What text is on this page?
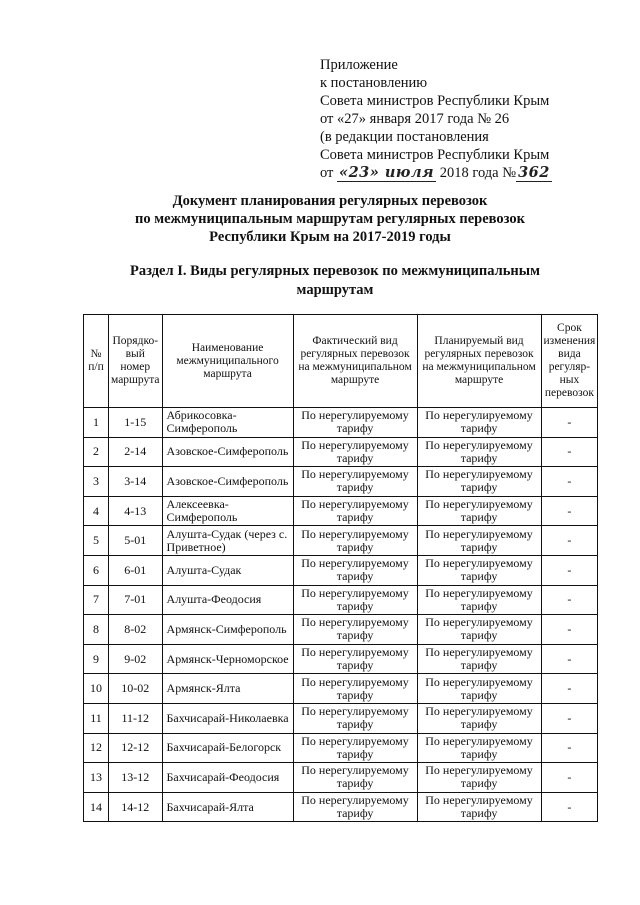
Приложение
к постановлению
Совета министров Республики Крым
от «27» января 2017 года № 26
(в редакции постановления
Совета министров Республики Крым
от «23» июля 2018 года № 362
Документ планирования регулярных перевозок
по межмуниципальным маршрутам регулярных перевозок
Республики Крым на 2017-2019 годы
Раздел I. Виды регулярных перевозок по межмуниципальным
маршрутам
№ п/п	Порядко-вый номер маршрута	Наименование межмуниципального маршрута	Фактический вид регулярных перевозок на межмуниципальном маршруте	Планируемый вид регулярных перевозок на межмуниципальном маршруте	Срок изменения вида регуляр-ных перевозок
1	1-15	Абрикосовка-Симферополь	По нерегулируемому тарифу	По нерегулируемому тарифу	-
2	2-14	Азовское-Симферополь	По нерегулируемому тарифу	По нерегулируемому тарифу	-
3	3-14	Азовское-Симферополь	По нерегулируемому тарифу	По нерегулируемому тарифу	-
4	4-13	Алексеевка-Симферополь	По нерегулируемому тарифу	По нерегулируемому тарифу	-
5	5-01	Алушта-Судак (через с. Приветное)	По нерегулируемому тарифу	По нерегулируемому тарифу	-
6	6-01	Алушта-Судак	По нерегулируемому тарифу	По нерегулируемому тарифу	-
7	7-01	Алушта-Феодосия	По нерегулируемому тарифу	По нерегулируемому тарифу	-
8	8-02	Армянск-Симферополь	По нерегулируемому тарифу	По нерегулируемому тарифу	-
9	9-02	Армянск-Черноморское	По нерегулируемому тарифу	По нерегулируемому тарифу	-
10	10-02	Армянск-Ялта	По нерегулируемому тарифу	По нерегулируемому тарифу	-
11	11-12	Бахчисарай-Николаевка	По нерегулируемому тарифу	По нерегулируемому тарифу	-
12	12-12	Бахчисарай-Белогорск	По нерегулируемому тарифу	По нерегулируемому тарифу	-
13	13-12	Бахчисарай-Феодосия	По нерегулируемому тарифу	По нерегулируемому тарифу	-
14	14-12	Бахчисарай-Ялта	По нерегулируемому тарифу	По нерегулируемому тарифу	-
